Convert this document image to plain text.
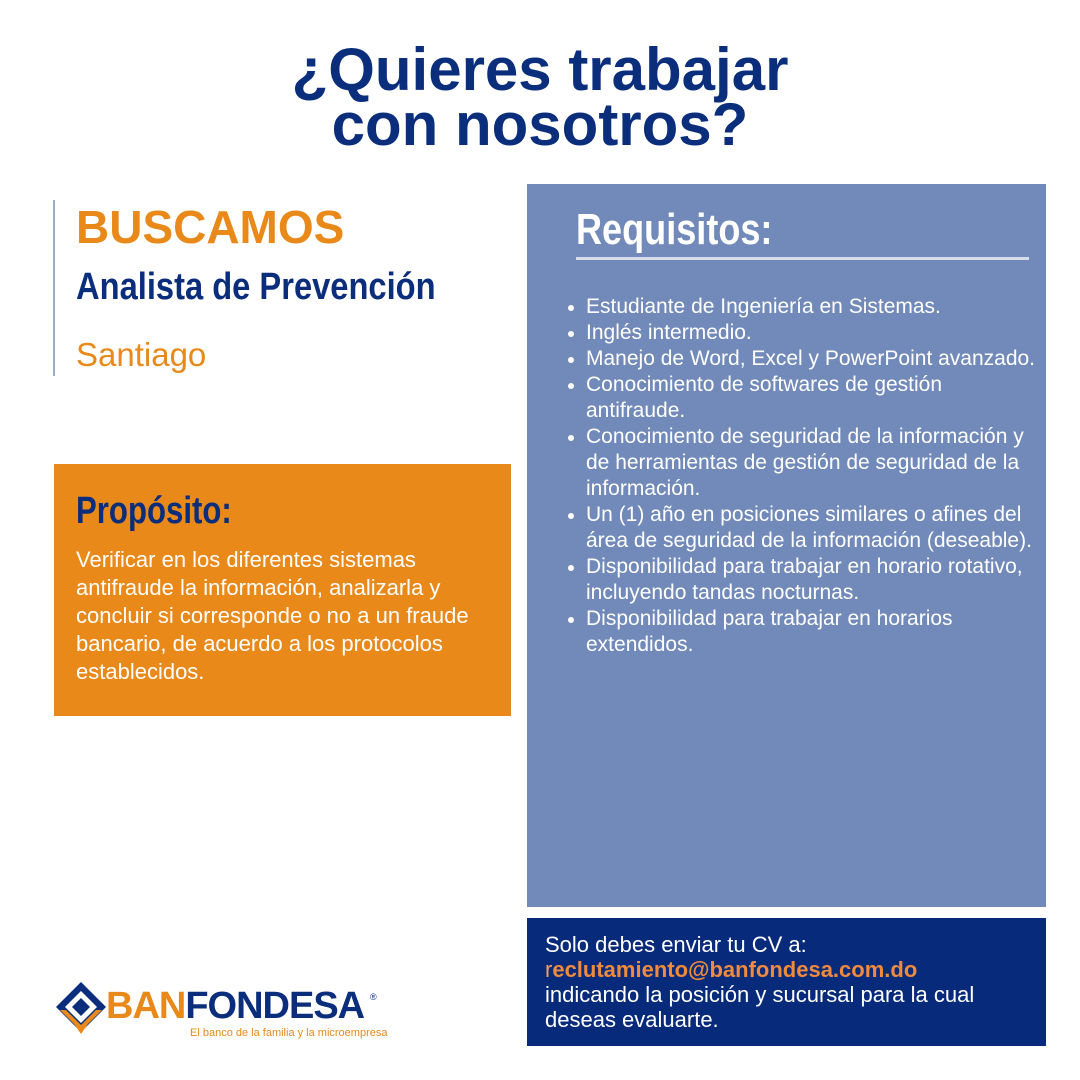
¿Quieres trabajar
con nosotros?

BUSCAMOS

Analista de Prevención

Santiago

Propósito:

Verificar en los diferentes sistemas antifraude la información, analizarla y concluir si corresponde o no a un fraude bancario, de acuerdo a los protocolos establecidos.

Requisitos:
Estudiante de Ingeniería en Sistemas.
Inglés intermedio.
Manejo de Word, Excel y PowerPoint avanzado.
Conocimiento de softwares de gestión antifraude.
Conocimiento de seguridad de la información y de herramientas de gestión de seguridad de la información.
Un (1) año en posiciones similares o afines del área de seguridad de la información (deseable).
Disponibilidad para trabajar en horario rotativo, incluyendo tandas nocturnas.
Disponibilidad para trabajar en horarios extendidos.

Solo debes enviar tu CV a:
reclutamiento@banfondesa.com.do
indicando la posición y sucursal para la cual deseas evaluarte.

BANFONDESA ®

El banco de la familia y la microempresa
